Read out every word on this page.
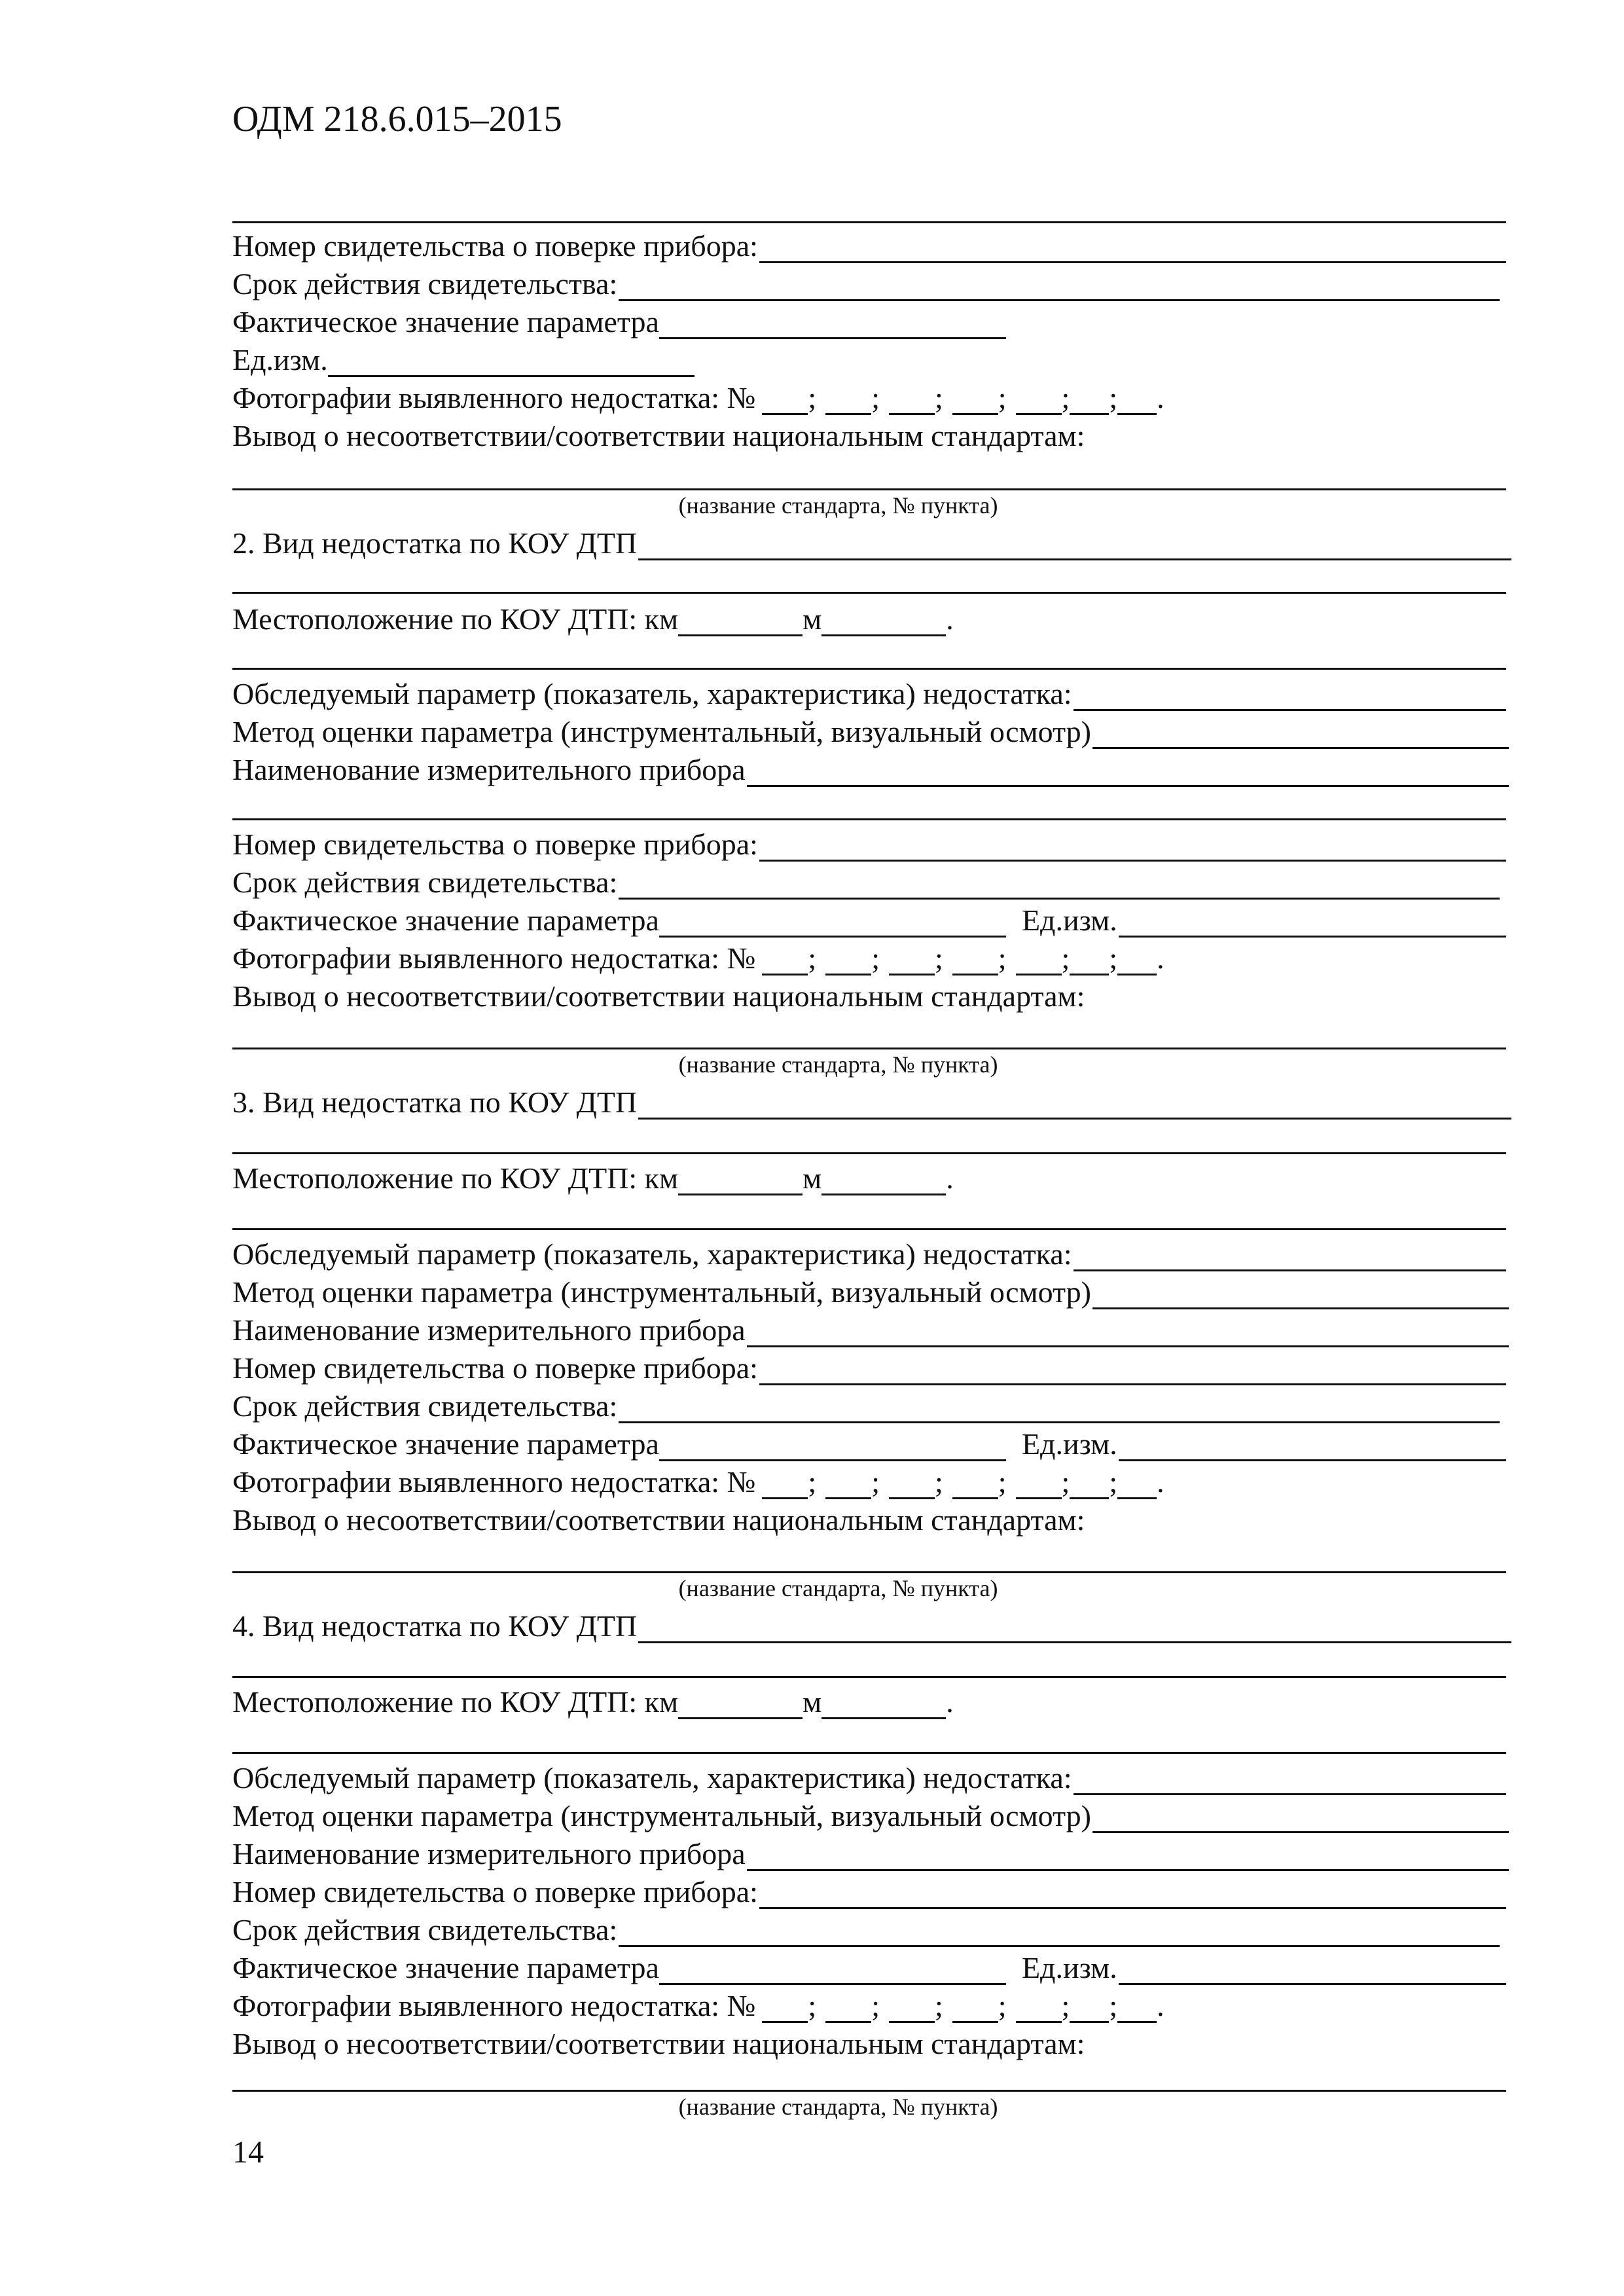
ОДМ 218.6.015–2015
Номер свидетельства о поверке прибора:
Срок действия свидетельства:
Фактическое значение параметра
Ед.изм.
Фотографии выявленного недостатка: № ; ; ; ; ; ; .
Вывод о несоответствии/соответствии национальным стандартам:
(название стандарта, № пункта)
2. Вид недостатка по КОУ ДТП
Местоположение по КОУ ДТП: км	м	.
Обследуемый параметр (показатель, характеристика) недостатка:
Метод оценки параметра (инструментальный, визуальный осмотр)
Наименование измерительного прибора
Номер свидетельства о поверке прибора:
Срок действия свидетельства:
Фактическое значение параметра	Ед.изм.
Фотографии выявленного недостатка: № ; ; ; ; ; ; .
Вывод о несоответствии/соответствии национальным стандартам:
(название стандарта, № пункта)
3. Вид недостатка по КОУ ДТП
Местоположение по КОУ ДТП: км	м	.
Обследуемый параметр (показатель, характеристика) недостатка:
Метод оценки параметра (инструментальный, визуальный осмотр)
Наименование измерительного прибора
Номер свидетельства о поверке прибора:
Срок действия свидетельства:
Фактическое значение параметра	Ед.изм.
Фотографии выявленного недостатка: № ; ; ; ; ; ; .
Вывод о несоответствии/соответствии национальным стандартам:
(название стандарта, № пункта)
4. Вид недостатка по КОУ ДТП
Местоположение по КОУ ДТП: км	м	.
Обследуемый параметр (показатель, характеристика) недостатка:
Метод оценки параметра (инструментальный, визуальный осмотр)
Наименование измерительного прибора
Номер свидетельства о поверке прибора:
Срок действия свидетельства:
Фактическое значение параметра	Ед.изм.
Фотографии выявленного недостатка: № ; ; ; ; ; ; .
Вывод о несоответствии/соответствии национальным стандартам:
(название стандарта, № пункта)
14
